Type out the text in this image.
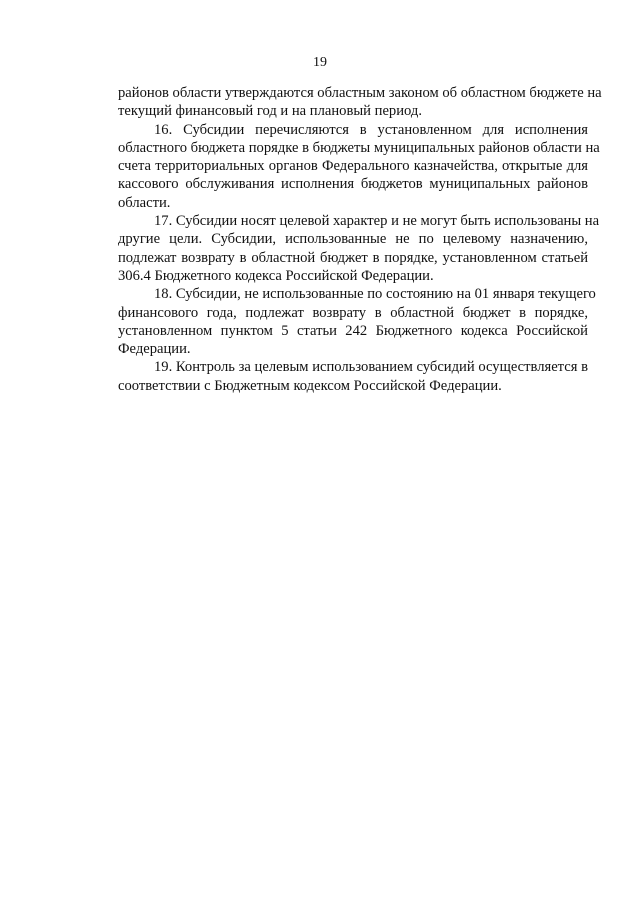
19

районов области утверждаются областным законом об областном бюджете на
текущий финансовый год и на плановый период.

16. Субсидии перечисляются в установленном для исполнения
областного бюджета порядке в бюджеты муниципальных районов области на
счета территориальных органов Федерального казначейства, открытые для
кассового обслуживания исполнения бюджетов муниципальных районов
области.

17. Субсидии носят целевой характер и не могут быть использованы на
другие цели. Субсидии, использованные не по целевому назначению,
подлежат возврату в областной бюджет в порядке, установленном статьей
306.4 Бюджетного кодекса Российской Федерации.

18. Субсидии, не использованные по состоянию на 01 января текущего
финансового года, подлежат возврату в областной бюджет в порядке,
установленном пунктом 5 статьи 242 Бюджетного кодекса Российской
Федерации.

19. Контроль за целевым использованием субсидий осуществляется в
соответствии с Бюджетным кодексом Российской Федерации.
